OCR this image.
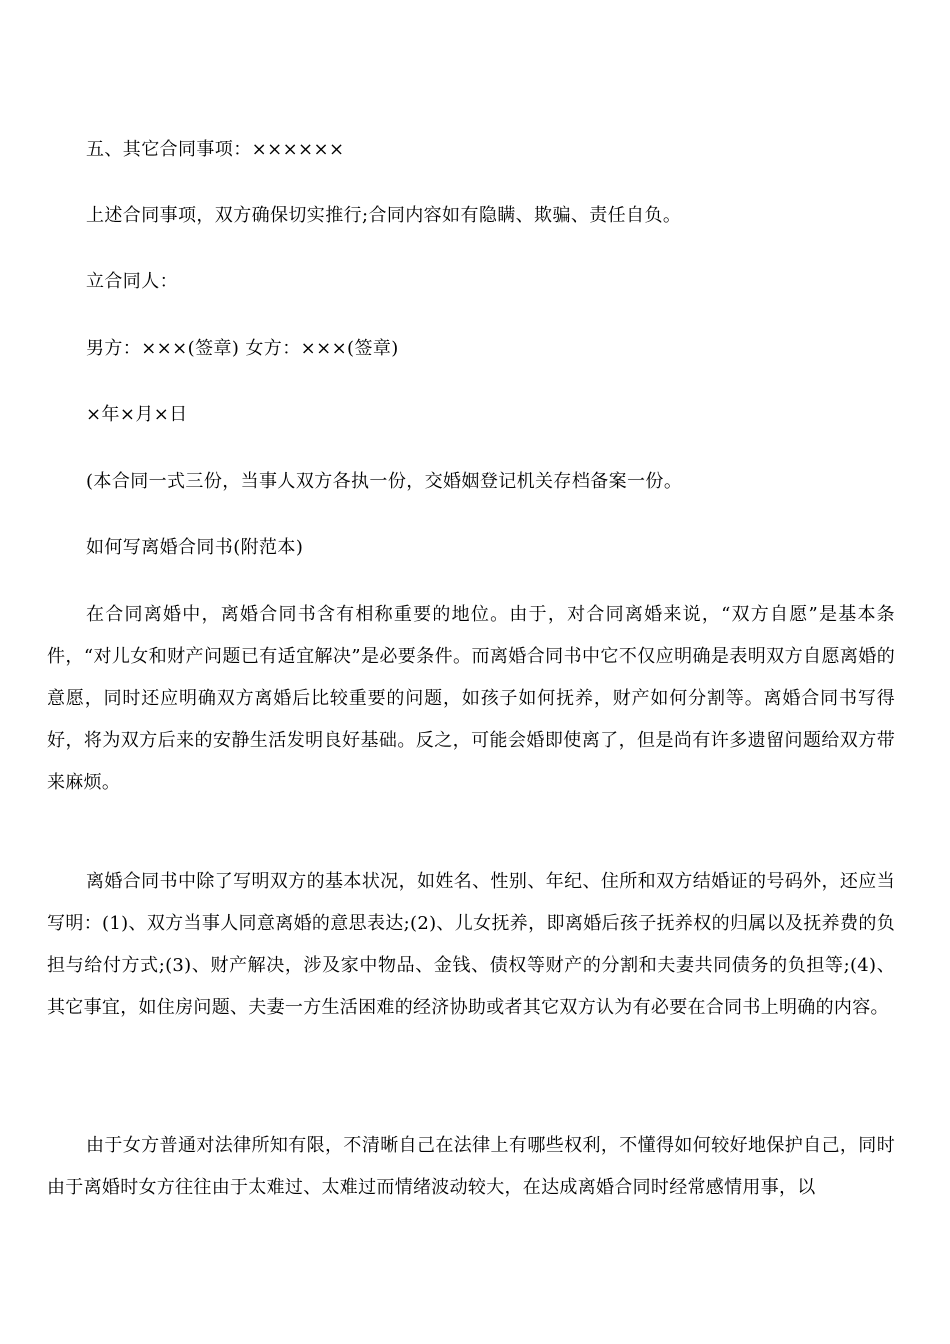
五、其它合同事项：××××××
上述合同事项，双方确保切实推行;合同内容如有隐瞒、欺骗、责任自负。
立合同人：
男方：×××(签章) 女方：×××(签章)
×年×月×日
(本合同一式三份，当事人双方各执一份，交婚姻登记机关存档备案一份。
如何写离婚合同书(附范本)

在合同离婚中，离婚合同书含有相称重要的地位。由于，对合同离婚来说，“双方自愿”是基本条件，“对儿女和财产问题已有适宜解决”是必要条件。而离婚合同书中它不仅应明确是表明双方自愿离婚的意愿，同时还应明确双方离婚后比较重要的问题，如孩子如何抚养，财产如何分割等。离婚合同书写得好，将为双方后来的安静生活发明良好基础。反之，可能会婚即使离了，但是尚有许多遗留问题给双方带来麻烦。

离婚合同书中除了写明双方的基本状况，如姓名、性别、年纪、住所和双方结婚证的号码外，还应当写明：(1)、双方当事人同意离婚的意思表达;(2)、儿女抚养，即离婚后孩子抚养权的归属以及抚养费的负担与给付方式;(3)、财产解决，涉及家中物品、金钱、债权等财产的分割和夫妻共同债务的负担等;(4)、其它事宜，如住房问题、夫妻一方生活困难的经济协助或者其它双方认为有必要在合同书上明确的内容。

由于女方普通对法律所知有限，不清晰自己在法律上有哪些权利，不懂得如何较好地保护自己，同时由于离婚时女方往往由于太难过、太难过而情绪波动较大，在达成离婚合同时经常感情用事，以
